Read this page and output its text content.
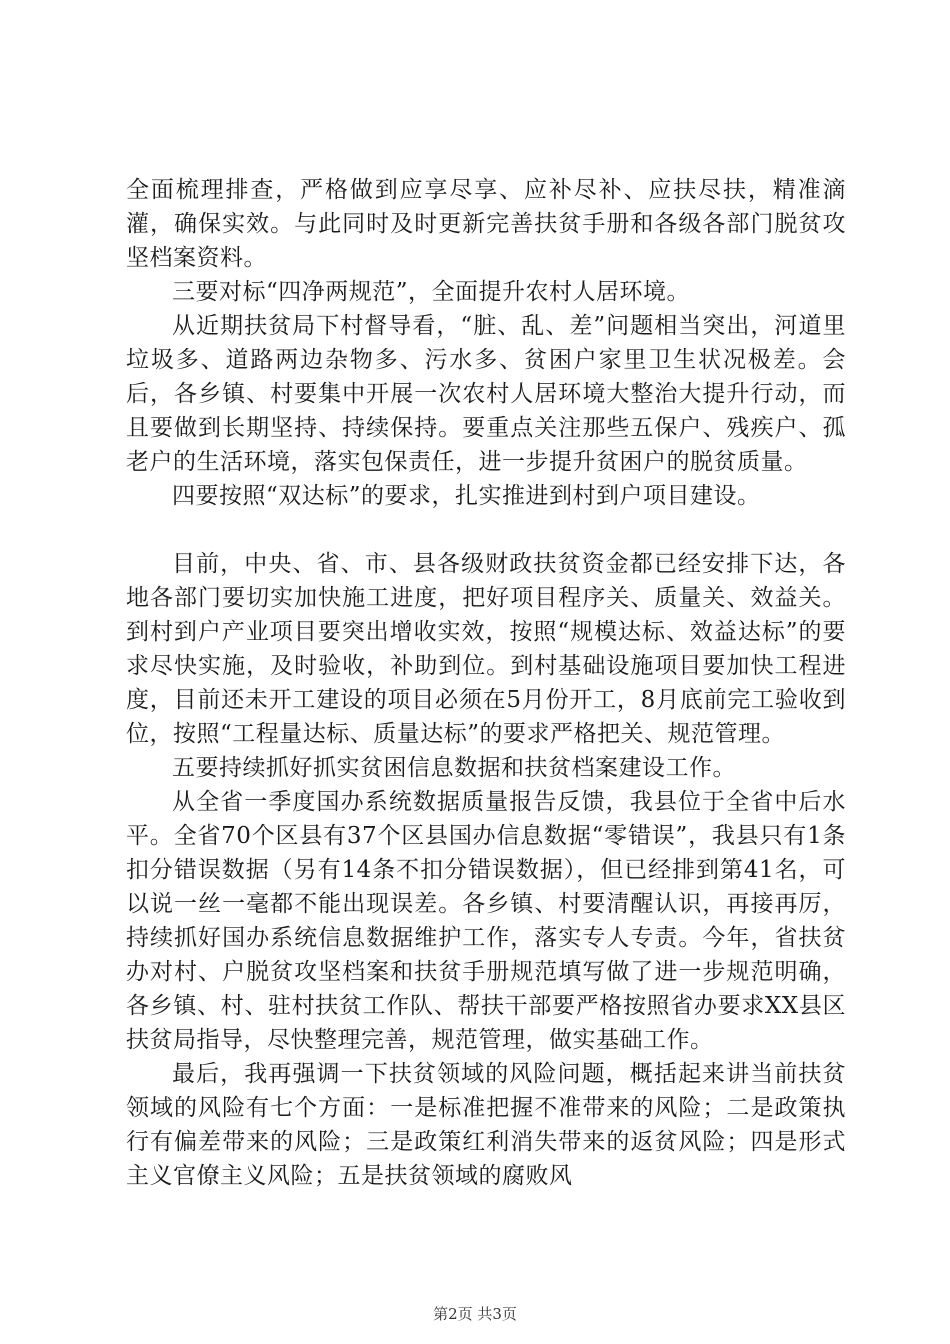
全面梳理排查，严格做到应享尽享、应补尽补、应扶尽扶，精准滴灌，确保实效。与此同时及时更新完善扶贫手册和各级各部门脱贫攻坚档案资料。

三要对标“四净两规范”，全面提升农村人居环境。

从近期扶贫局下村督导看，“脏、乱、差”问题相当突出，河道里垃圾多、道路两边杂物多、污水多、贫困户家里卫生状况极差。会后，各乡镇、村要集中开展一次农村人居环境大整治大提升行动，而且要做到长期坚持、持续保持。要重点关注那些五保户、残疾户、孤老户的生活环境，落实包保责任，进一步提升贫困户的脱贫质量。

四要按照“双达标”的要求，扎实推进到村到户项目建设。

目前，中央、省、市、县各级财政扶贫资金都已经安排下达，各地各部门要切实加快施工进度，把好项目程序关、质量关、效益关。到村到户产业项目要突出增收实效，按照“规模达标、效益达标”的要求尽快实施，及时验收，补助到位。到村基础设施项目要加快工程进度，目前还未开工建设的项目必须在5月份开工，8月底前完工验收到位，按照“工程量达标、质量达标”的要求严格把关、规范管理。

五要持续抓好抓实贫困信息数据和扶贫档案建设工作。

从全省一季度国办系统数据质量报告反馈，我县位于全省中后水平。全省70个区县有37个区县国办信息数据“零错误”，我县只有1条扣分错误数据（另有14条不扣分错误数据），但已经排到第41名，可以说一丝一毫都不能出现误差。各乡镇、村要清醒认识，再接再厉，持续抓好国办系统信息数据维护工作，落实专人专责。今年，省扶贫办对村、户脱贫攻坚档案和扶贫手册规范填写做了进一步规范明确，各乡镇、村、驻村扶贫工作队、帮扶干部要严格按照省办要求XX县区扶贫局指导，尽快整理完善，规范管理，做实基础工作。

最后，我再强调一下扶贫领域的风险问题，概括起来讲当前扶贫领域的风险有七个方面：一是标准把握不准带来的风险；二是政策执行有偏差带来的风险；三是政策红利消失带来的返贫风险；四是形式主义官僚主义风险；五是扶贫领域的腐败风

第2页 共3页
